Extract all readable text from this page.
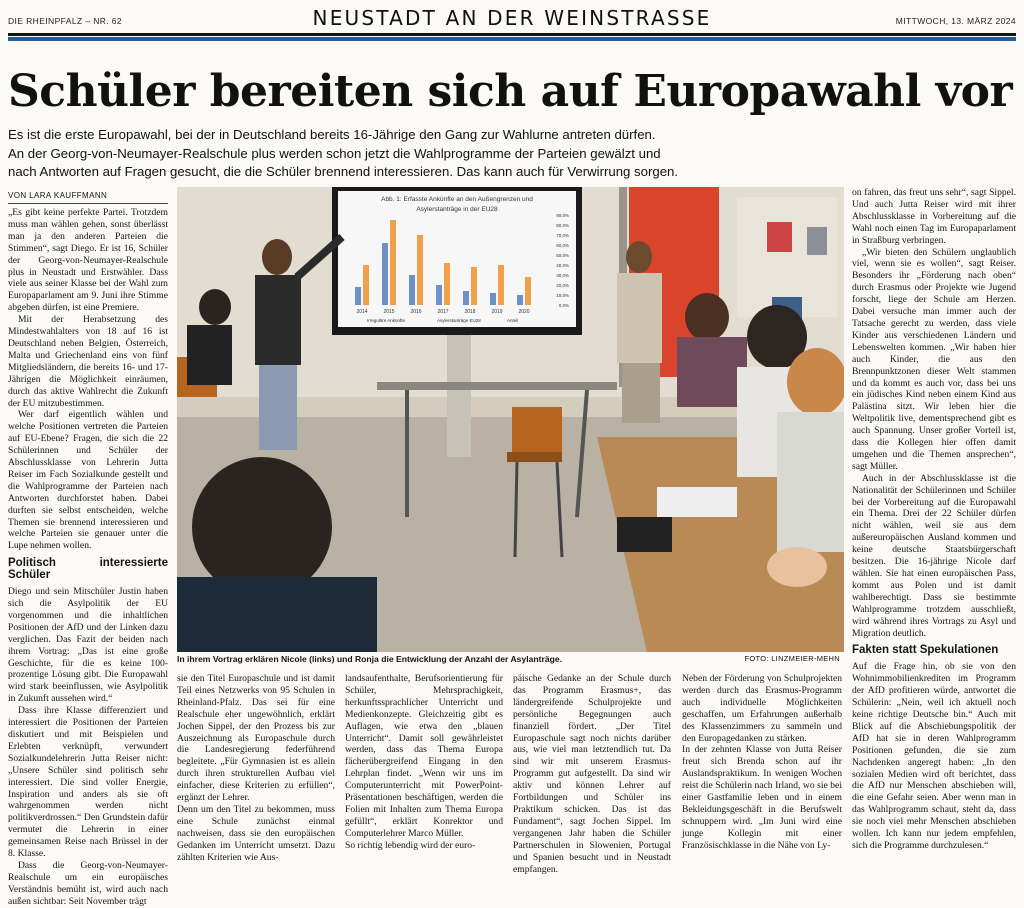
DIE RHEINPFALZ – NR. 62	NEUSTADT AN DER WEINSTRASSE	MITTWOCH, 13. MÄRZ 2024
Schüler bereiten sich auf Europawahl vor

Es ist die erste Europawahl, bei der in Deutschland bereits 16-Jährige den Gang zur Wahlurne antreten dürfen.

An der Georg-von-Neumayer-Realschule plus werden schon jetzt die Wahlprogramme der Parteien gewälzt und

nach Antworten auf Fragen gesucht, die die Schüler brennend interessieren. Das kann auch für Verwirrung sorgen.

VON LARA KAUFFMANN

„Es gibt keine perfekte Partei. Trotzdem muss man wählen gehen, sonst überlässt man ja den anderen Parteien die Stimmen“, sagt Diego. Er ist 16, Schüler der Georg-von-Neumayer-Realschule plus in Neustadt und Erstwähler. Dass viele aus seiner Klasse bei der Wahl zum Europaparlament am 9. Juni ihre Stimme abgeben dürfen, ist eine Premiere.

Mit der Herabsetzung des Mindestwahlalters von 18 auf 16 ist Deutschland neben Belgien, Österreich, Malta und Griechenland eins von fünf Mitgliedsländern, die bereits 16- und 17-Jährigen die Möglichkeit einräumen, durch das aktive Wahlrecht die Zukunft der EU mitzubestimmen.

Wer darf eigentlich wählen und welche Positionen vertreten die Parteien auf EU-Ebene? Fragen, die sich die 22 Schülerinnen und Schüler der Abschlussklasse von Lehrerin Jutta Reiser im Fach Sozialkunde gestellt und die Wahlprogramme der Parteien nach Antworten durchforstet haben. Dabei durften sie selbst entscheiden, welche Themen sie brennend interessieren und welche Parteien sie genauer unter die Lupe nehmen wollen.

Politisch interessierte Schüler

Diego und sein Mitschüler Justin haben sich die Asylpolitik der EU vorgenommen und die inhaltlichen Positionen der AfD und der Linken dazu verglichen. Das Fazit der beiden nach ihrem Vortrag: „Das ist eine große Geschichte, für die es keine 100-prozentige Lösung gibt. Die Europawahl wird stark beeinflussen, wie Asylpolitik in Zukunft aussehen wird.“

Dass ihre Klasse differenziert und interessiert die Positionen der Parteien diskutiert und mit Beispielen und Erlebten verknüpft, verwundert Sozialkundelehrerin Jutta Reiser nicht: „Unsere Schüler sind politisch sehr interessiert. Die sind voller Energie, Inspiration und anders als sie oft wahrgenommen werden nicht politikverdrossen.“ Den Grundstein dafür vermutet die Lehrerin in einer gemeinsamen Reise nach Brüssel in der 8. Klasse.

Dass die Georg-von-Neumayer-Realschule um ein europäisches Verständnis bemüht ist, wird auch nach außen sichtbar: Seit November trägt

Abb. 1: Erfasste Ankünfte an den Außengrenzen und
Asylerstanträge in der EU28
2014	2015	2016	2017	2018	2019	2020
90,0%
80,0%
70,0%
60,0%
50,0%
40,0%
30,0%
20,0%
10,0%
0,0%
Irreguläre Ankünfte	Asylerstanträge EU28	Anteil
In ihrem Vortrag erklären Nicole (links) und Ronja die Entwicklung der Anzahl der Asylanträge.	FOTO: LINZMEIER-MEHN

on fahren, das freut uns sehr“, sagt Sippel. Und auch Jutta Reiser wird mit ihrer Abschlussklasse in Vorbereitung auf die Wahl noch einen Tag im Europaparlament in Straßburg verbringen.

„Wir bieten den Schülern unglaublich viel, wenn sie es wollen“, sagt Reiser. Besonders ihr „Förderung nach oben“ durch Erasmus oder Projekte wie Jugend forscht, liege der Schule am Herzen. Dabei versuche man immer auch der Tatsache gerecht zu werden, dass viele Kinder aus verschiedenen Ländern und Lebenswelten kommen. „Wir haben hier auch Kinder, die aus den Brennpunktzonen dieser Welt stammen und da kommt es auch vor, dass bei uns ein jüdisches Kind neben einem Kind aus Palästina sitzt. Wir leben hier die Weltpolitik live, dementsprechend gibt es auch Spannung. Unser großer Vorteil ist, dass die Kollegen hier offen damit umgehen und die Themen ansprechen“, sagt Müller.

Auch in der Abschlussklasse ist die Nationalität der Schülerinnen und Schüler bei der Vorbereitung auf die Europawahl ein Thema. Drei der 22 Schüler dürfen nicht wählen, weil sie aus dem außereuropäischen Ausland kommen und keine deutsche Staatsbürgerschaft besitzen. Die 16-jährige Nicole darf wählen. Sie hat einen europäischen Pass, kommt aus Polen und ist damit wahlberechtigt. Dass sie bestimmte Wahlprogramme trotzdem ausschließt, wird während ihres Vortrags zu Asyl und Migration deutlich.

Fakten statt Spekulationen

Auf die Frage hin, ob sie von den Wohnimmobilienkrediten im Programm der AfD profitieren würde, antwortet die Schülerin: „Nein, weil ich aktuell noch keine richtige Deutsche bin.“ Auch mit Blick auf die Abschiebungspolitik der AfD hat sie in deren Wahlprogramm Positionen gefunden, die sie zum Nachdenken angeregt haben: „In den sozialen Medien wird oft berichtet, dass die AfD nur Menschen abschieben will, die eine Gefahr seien. Aber wenn man in das Wahlprogramm schaut, steht da, dass sie noch viel mehr Menschen abschieben wollen. Ich kann nur jedem empfehlen, sich die Programme durchzulesen.“

sie den Titel Europaschule und ist damit Teil eines Netzwerks von 95 Schulen in Rheinland-Pfalz. Das sei für eine Realschule eher ungewöhnlich, erklärt Jochen Sippel, der den Prozess bis zur Auszeichnung als Europaschule durch die Landesregierung federführend begleitete. „Für Gymnasien ist es allein durch ihren strukturellen Aufbau viel einfacher, diese Kriterien zu erfüllen“, ergänzt der Lehrer.
Denn um den Titel zu bekommen, muss eine Schule zunächst einmal nachweisen, dass sie den europäischen Gedanken im Unterricht umsetzt. Dazu zählten Kriterien wie Aus-

landsaufenthalte, Berufsorientierung für Schüler, Mehrsprachigkeit, herkunftssprachlicher Unterricht und Medienkonzepte. Gleichzeitig gibt es Auflagen, wie etwa den „blauen Unterricht“. Damit soll gewährleistet werden, dass das Thema Europa fächerübergreifend Eingang in den Lehrplan findet. „Wenn wir uns im Computerunterricht mit PowerPoint-Präsentationen beschäftigen, werden die Folien mit Inhalten zum Thema Europa gefüllt“, erklärt Konrektor und Computerlehrer Marco Müller.
So richtig lebendig wird der euro-

päische Gedanke an der Schule durch das Programm Erasmus+, das ländergreifende Schulprojekte und persönliche Begegnungen auch finanziell fördert. „Der Titel Europaschule sagt noch nichts darüber aus, wie viel man letztendlich tut. Da sind wir mit unserem Erasmus-Programm gut aufgestellt. Da sind wir aktiv und können Lehrer auf Fortbildungen und Schüler ins Praktikum schicken. Das ist das Fundament“, sagt Jochen Sippel. Im vergangenen Jahr haben die Schüler Partnerschulen in Slowenien, Portugal und Spanien besucht und in Neustadt empfangen.

Neben der Förderung von Schulprojekten werden durch das Erasmus-Programm auch individuelle Möglichkeiten geschaffen, um Erfahrungen außerhalb des Klassenzimmers zu sammeln und den Europagedanken zu stärken.
In der zehnten Klasse von Jutta Reiser freut sich Brenda schon auf ihr Auslandspraktikum. In wenigen Wochen reist die Schülerin nach Irland, wo sie bei einer Gastfamilie leben und in einem Bekleidungsgeschäft in die Berufswelt schnuppern wird. „Im Juni wird eine junge Kollegin mit einer Französischklasse in die Nähe von Ly-
